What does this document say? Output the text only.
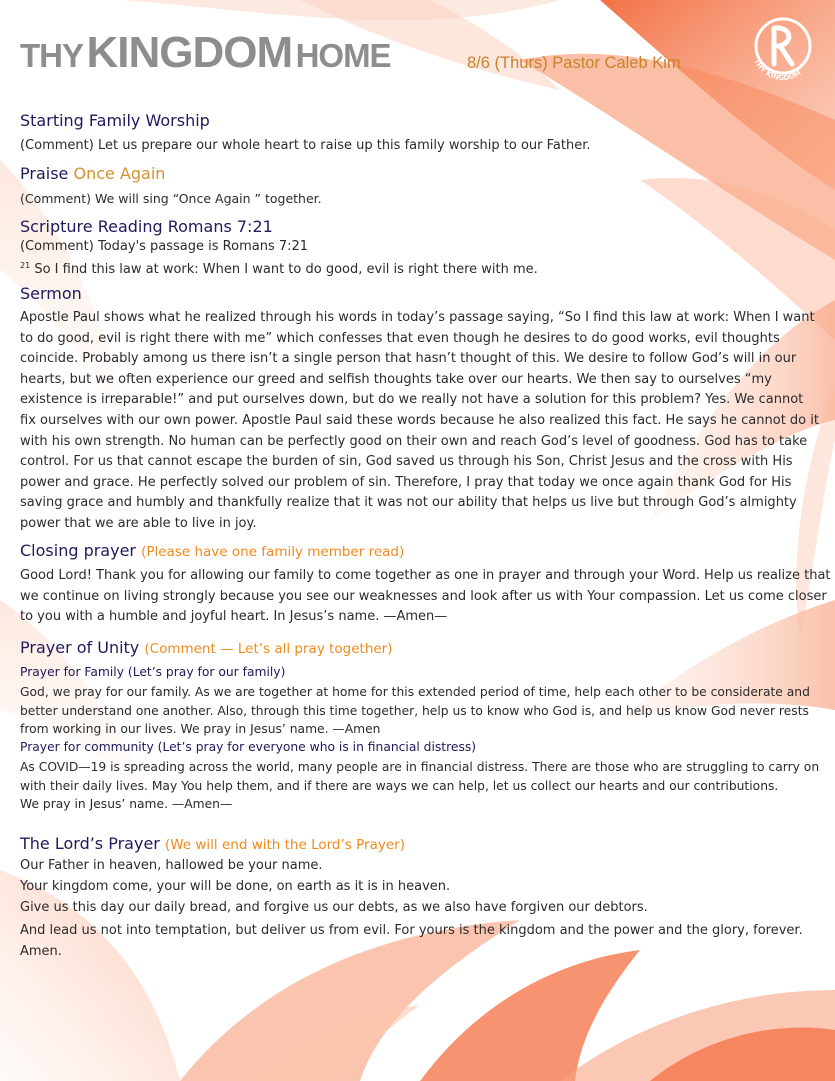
THY KINGDOM HOME	8/6 (Thurs) Pastor Caleb Kim	THY KINGDOM
Starting Family Worship
(Comment) Let us prepare our whole heart to raise up this family worship to our Father.
Praise Once Again
(Comment) We will sing “Once Again ” together.
Scripture Reading Romans 7:21
(Comment) Today's passage is Romans 7:21
$^{21}$ So I find this law at work: When I want to do good, evil is right there with me.
Sermon
Apostle Paul shows what he realized through his words in today’s passage saying, “So I find this law at work: When I want to do good, evil is right there with me” which confesses that even though he desires to do good works, evil thoughts coincide. Probably among us there isn’t a single person that hasn’t thought of this. We desire to follow God’s will in our hearts, but we often experience our greed and selfish thoughts take over our hearts. We then say to ourselves “my existence is irreparable!” and put ourselves down, but do we really not have a solution for this problem? Yes. We cannot fix ourselves with our own power. Apostle Paul said these words because he also realized this fact. He says he cannot do it with his own strength. No human can be perfectly good on their own and reach God’s level of goodness. God has to take control. For us that cannot escape the burden of sin, God saved us through his Son, Christ Jesus and the cross with His power and grace. He perfectly solved our problem of sin. Therefore, I pray that today we once again thank God for His saving grace and humbly and thankfully realize that it was not our ability that helps us live but through God’s almighty power that we are able to live in joy.
Closing prayer (Please have one family member read)
Good Lord! Thank you for allowing our family to come together as one in prayer and through your Word. Help us realize that we continue on living strongly because you see our weaknesses and look after us with Your compassion. Let us come closer to you with a humble and joyful heart. In Jesus’s name. —Amen—
Prayer of Unity (Comment — Let’s all pray together)
Prayer for Family (Let’s pray for our family)
God, we pray for our family. As we are together at home for this extended period of time, help each other to be considerate and better understand one another. Also, through this time together, help us to know who God is, and help us know God never rests from working in our lives. We pray in Jesus’ name. —Amen
Prayer for community (Let’s pray for everyone who is in financial distress)
As COVID—19 is spreading across the world, many people are in financial distress. There are those who are struggling to carry on with their daily lives. May You help them, and if there are ways we can help, let us collect our hearts and our contributions.
We pray in Jesus’ name. —Amen—
The Lord’s Prayer (We will end with the Lord’s Prayer)
Our Father in heaven, hallowed be your name.
Your kingdom come, your will be done, on earth as it is in heaven.
Give us this day our daily bread, and forgive us our debts, as we also have forgiven our debtors.
And lead us not into temptation, but deliver us from evil. For yours is the kingdom and the power and the glory, forever. Amen.
